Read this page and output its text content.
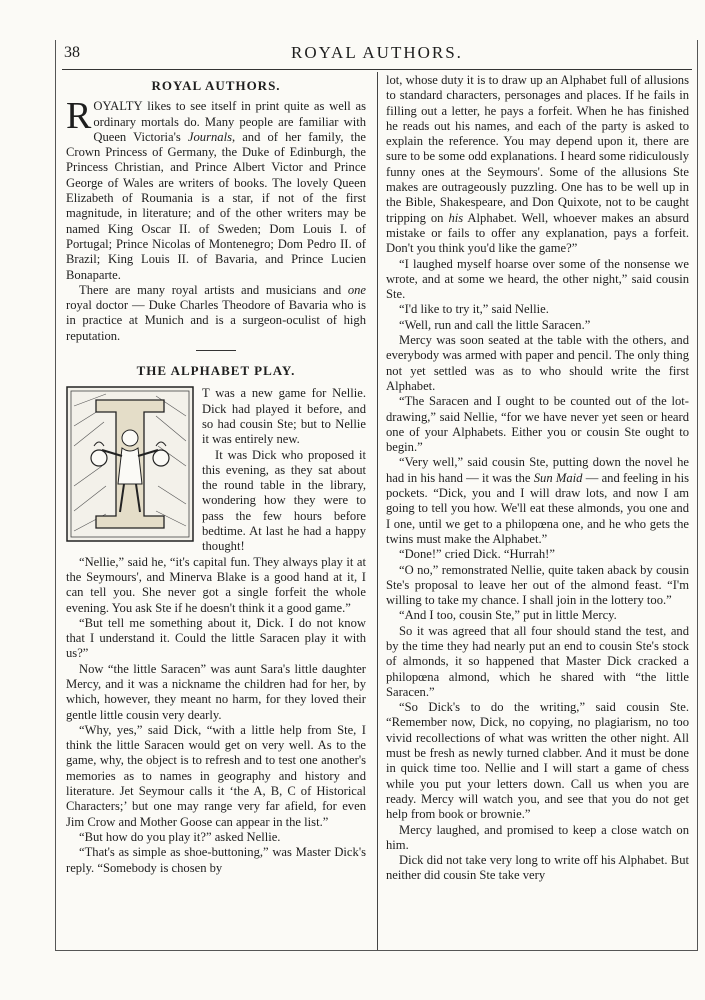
38	ROYAL AUTHORS.
ROYAL AUTHORS.

ROYALTY likes to see itself in print quite as well as ordinary mortals do. Many people are familiar with Queen Victoria's Journals, and of her family, the Crown Princess of Germany, the Duke of Edinburgh, the Princess Christian, and Prince Albert Victor and Prince George of Wales are writers of books. The lovely Queen Elizabeth of Roumania is a star, if not of the first magnitude, in literature; and of the other writers may be named King Oscar II. of Sweden; Dom Louis I. of Portugal; Prince Nicolas of Montenegro; Dom Pedro II. of Brazil; King Louis II. of Bavaria, and Prince Lucien Bonaparte.

There are many royal artists and musicians and one royal doctor — Duke Charles Theodore of Bavaria who is in practice at Munich and is a surgeon-oculist of high reputation.

THE ALPHABET PLAY.

T was a new game for Nellie. Dick had played it before, and so had cousin Ste; but to Nellie it was entirely new.

It was Dick who proposed it this evening, as they sat about the round table in the library, wondering how they were to pass the few hours before bedtime. At last he had a happy thought!

“Nellie,” said he, “it's capital fun. They always play it at the Seymours', and Minerva Blake is a good hand at it, I can tell you. She never got a single forfeit the whole evening. You ask Ste if he doesn't think it a good game.”

“But tell me something about it, Dick. I do not know that I understand it. Could the little Saracen play it with us?”

Now “the little Saracen” was aunt Sara's little daughter Mercy, and it was a nickname the children had for her, by which, however, they meant no harm, for they loved their gentle little cousin very dearly.

“Why, yes,” said Dick, “with a little help from Ste, I think the little Saracen would get on very well. As to the game, why, the object is to refresh and to test one another's memories as to names in geography and history and literature. Jet Seymour calls it ‘the A, B, C of Historical Characters;’ but one may range very far afield, for even Jim Crow and Mother Goose can appear in the list.”

“But how do you play it?” asked Nellie.

“That's as simple as shoe-buttoning,” was Master Dick's reply. “Somebody is chosen by

lot, whose duty it is to draw up an Alphabet full of allusions to standard characters, personages and places. If he fails in filling out a letter, he pays a forfeit. When he has finished he reads out his names, and each of the party is asked to explain the reference. You may depend upon it, there are sure to be some odd explanations. I heard some ridiculously funny ones at the Seymours'. Some of the allusions Ste makes are outrageously puzzling. One has to be well up in the Bible, Shakespeare, and Don Quixote, not to be caught tripping on his Alphabet. Well, whoever makes an absurd mistake or fails to offer any explanation, pays a forfeit. Don't you think you'd like the game?”

“I laughed myself hoarse over some of the nonsense we wrote, and at some we heard, the other night,” said cousin Ste.

“I'd like to try it,” said Nellie.

“Well, run and call the little Saracen.”

Mercy was soon seated at the table with the others, and everybody was armed with paper and pencil. The only thing not yet settled was as to who should write the first Alphabet.

“The Saracen and I ought to be counted out of the lot-drawing,” said Nellie, “for we have never yet seen or heard one of your Alphabets. Either you or cousin Ste ought to begin.”

“Very well,” said cousin Ste, putting down the novel he had in his hand — it was the Sun Maid — and feeling in his pockets. “Dick, you and I will draw lots, and now I am going to tell you how. We'll eat these almonds, you one and I one, until we get to a philopœna one, and he who gets the twins must make the Alphabet.”

“Done!” cried Dick. “Hurrah!”

“O no,” remonstrated Nellie, quite taken aback by cousin Ste's proposal to leave her out of the almond feast. “I'm willing to take my chance. I shall join in the lottery too.”

“And I too, cousin Ste,” put in little Mercy.

So it was agreed that all four should stand the test, and by the time they had nearly put an end to cousin Ste's stock of almonds, it so happened that Master Dick cracked a philopœna almond, which he shared with “the little Saracen.”

“So Dick's to do the writing,” said cousin Ste. “Remember now, Dick, no copying, no plagiarism, no too vivid recollections of what was written the other night. All must be fresh as newly turned clabber. And it must be done in quick time too. Nellie and I will start a game of chess while you put your letters down. Call us when you are ready. Mercy will watch you, and see that you do not get help from book or brownie.”

Mercy laughed, and promised to keep a close watch on him.

Dick did not take very long to write off his Alphabet. But neither did cousin Ste take very
